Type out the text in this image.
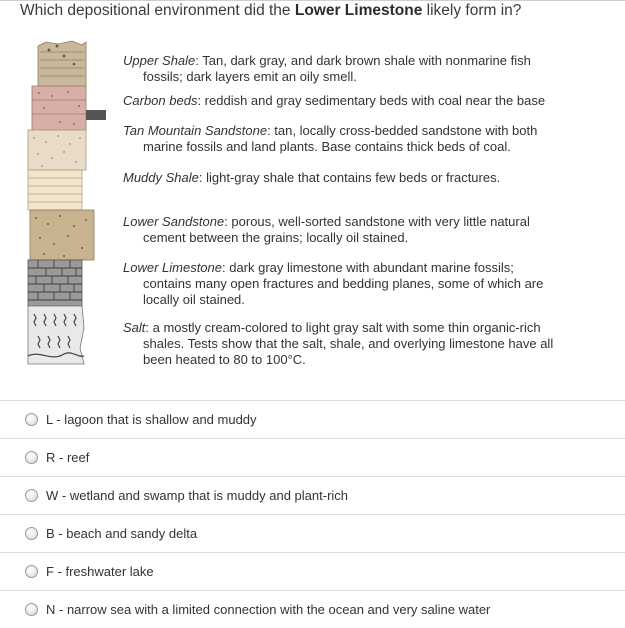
Which depositional environment did the Lower Limestone likely form in?
Upper Shale: Tan, dark gray, and dark brown shale with nonmarine fish
fossils; dark layers emit an oily smell.
Carbon beds: reddish and gray sedimentary beds with coal near the base
Tan Mountain Sandstone: tan, locally cross-bedded sandstone with both
marine fossils and land plants. Base contains thick beds of coal.
Muddy Shale: light-gray shale that contains few beds or fractures.
Lower Sandstone: porous, well-sorted sandstone with very little natural
cement between the grains; locally oil stained.
Lower Limestone: dark gray limestone with abundant marine fossils;
contains many open fractures and bedding planes, some of which are
locally oil stained.
Salt: a mostly cream-colored to light gray salt with some thin organic-rich
shales. Tests show that the salt, shale, and overlying limestone have all
been heated to 80 to 100°C.
L - lagoon that is shallow and muddy
R - reef
W - wetland and swamp that is muddy and plant-rich
B - beach and sandy delta
F - freshwater lake
N - narrow sea with a limited connection with the ocean and very saline water
